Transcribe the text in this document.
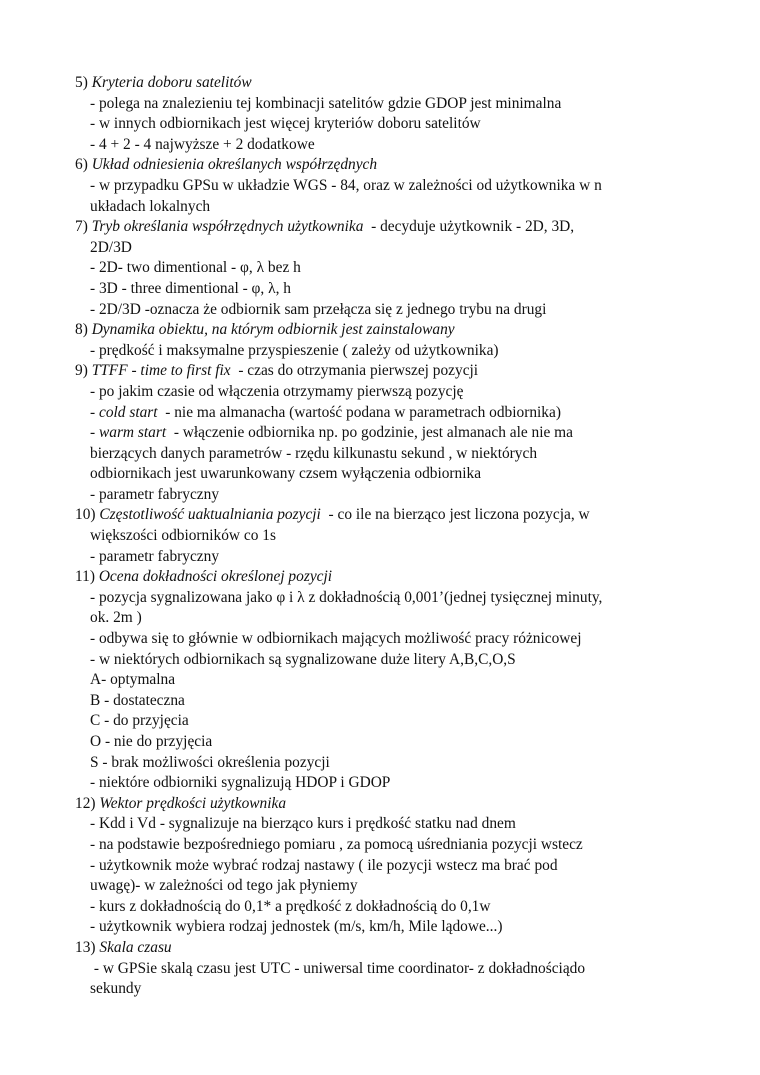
5) Kryteria doboru satelitów
- polega na znalezieniu tej kombinacji satelitów gdzie GDOP jest minimalna
- w innych odbiornikach jest więcej kryteriów doboru satelitów
- 4 + 2 - 4 najwyższe + 2 dodatkowe
6) Układ odniesienia określanych współrzędnych
- w przypadku GPSu w układzie WGS - 84, oraz w zależności od użytkownika w n
układach lokalnych
7) Tryb określania współrzędnych użytkownika  - decyduje użytkownik - 2D, 3D,
2D/3D
- 2D- two dimentional - φ, λ bez h
- 3D - three dimentional - φ, λ, h
- 2D/3D -oznacza że odbiornik sam przełącza się z jednego trybu na drugi
8) Dynamika obiektu, na którym odbiornik jest zainstalowany
- prędkość i maksymalne przyspieszenie ( zależy od użytkownika)
9) TTFF - time to first fix  - czas do otrzymania pierwszej pozycji
- po jakim czasie od włączenia otrzymamy pierwszą pozycję
- cold start  - nie ma almanacha (wartość podana w parametrach odbiornika)
- warm start  - włączenie odbiornika np. po godzinie, jest almanach ale nie ma
bierzących danych parametrów - rzędu kilkunastu sekund , w niektórych
odbiornikach jest uwarunkowany czsem wyłączenia odbiornika
- parametr fabryczny
10) Częstotliwość uaktualniania pozycji  - co ile na bierząco jest liczona pozycja, w
większości odbiorników co 1s
- parametr fabryczny
11) Ocena dokładności określonej pozycji
- pozycja sygnalizowana jako φ i λ z dokładnością 0,001’(jednej tysięcznej minuty,
ok. 2m )
- odbywa się to głównie w odbiornikach mających możliwość pracy różnicowej
- w niektórych odbiornikach są sygnalizowane duże litery A,B,C,O,S
A- optymalna
B - dostateczna
C - do przyjęcia
O - nie do przyjęcia
S - brak możliwości określenia pozycji
- niektóre odbiorniki sygnalizują HDOP i GDOP
12) Wektor prędkości użytkownika
- Kdd i Vd - sygnalizuje na bierząco kurs i prędkość statku nad dnem
- na podstawie bezpośredniego pomiaru , za pomocą uśredniania pozycji wstecz
- użytkownik może wybrać rodzaj nastawy ( ile pozycji wstecz ma brać pod
uwagę)- w zależności od tego jak płyniemy
- kurs z dokładnością do 0,1* a prędkość z dokładnością do 0,1w
- użytkownik wybiera rodzaj jednostek (m/s, km/h, Mile lądowe...)
13) Skala czasu
- w GPSie skalą czasu jest UTC - uniwersal time coordinator- z dokładnościądo
sekundy
